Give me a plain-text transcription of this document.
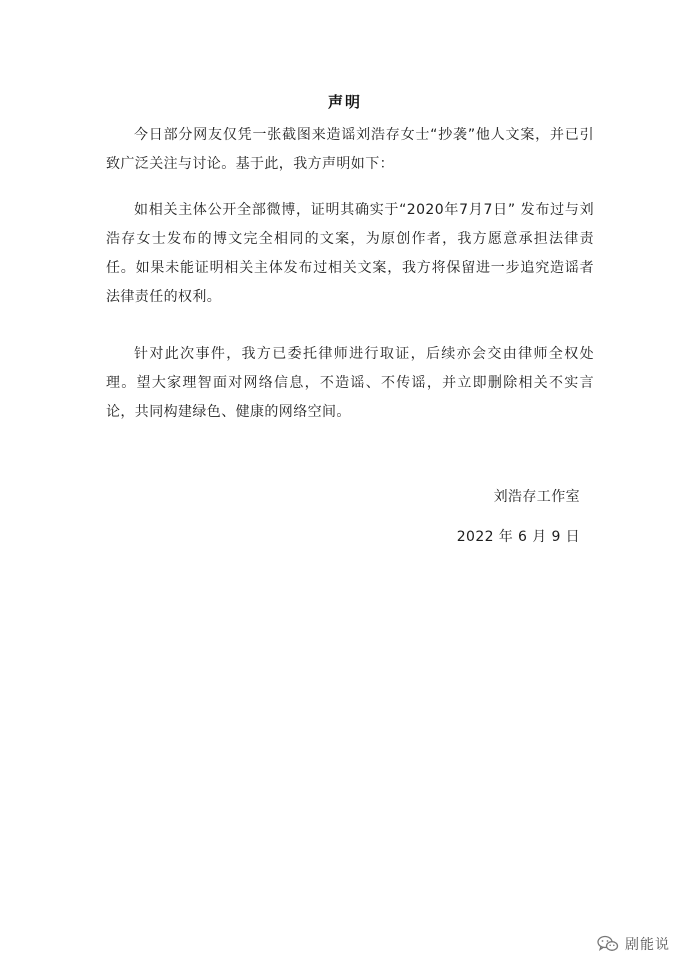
声明

今日部分网友仅凭一张截图来造谣刘浩存女士“抄袭”他人文案，并已引致广泛关注与讨论。基于此，我方声明如下：

如相关主体公开全部微博，证明其确实于“2020年7月7日” 发布过与刘浩存女士发布的博文完全相同的文案，为原创作者，我方愿意承担法律责任。如果未能证明相关主体发布过相关文案，我方将保留进一步追究造谣者法律责任的权利。

针对此次事件，我方已委托律师进行取证，后续亦会交由律师全权处理。望大家理智面对网络信息，不造谣、不传谣，并立即删除相关不实言论，共同构建绿色、健康的网络空间。

刘浩存工作室
2022 年 6 月 9 日
剧能说
